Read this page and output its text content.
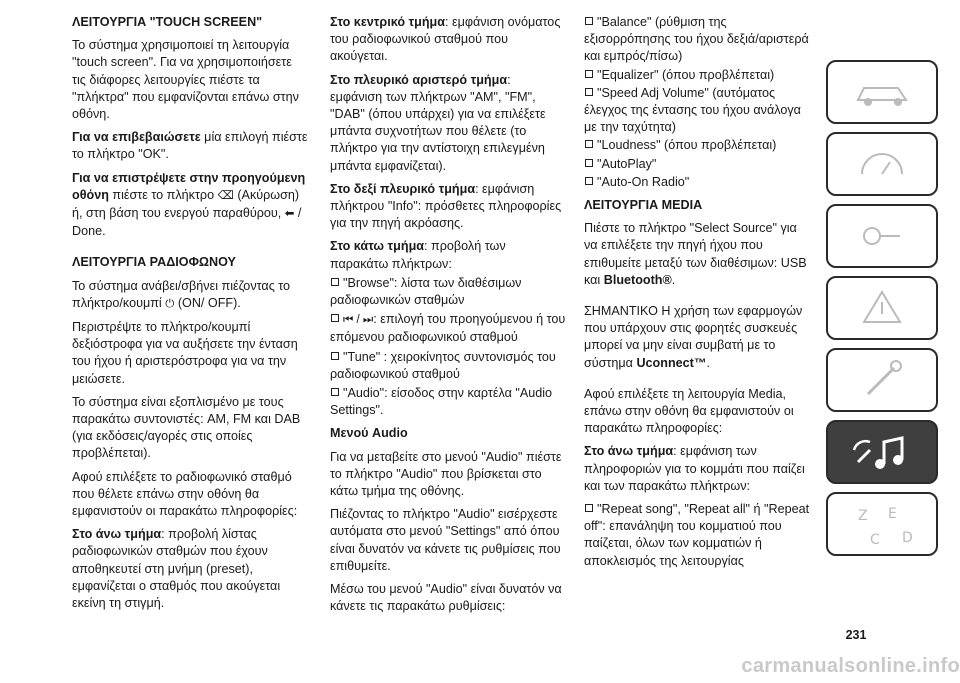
ΛΕΙΤΟΥΡΓΙΑ "TOUCH SCREEN"

Το σύστημα χρησιμοποιεί τη λειτουργία "touch screen". Για να χρησιμοποιήσετε τις διάφορες λειτουργίες πιέστε τα "πλήκτρα" που εμφανίζονται επάνω στην οθόνη.

Για να επιβεβαιώσετε μία επιλογή πιέστε το πλήκτρο "OK".

Για να επιστρέψετε στην προηγούμενη οθόνη πιέστε το πλήκτρο ⌫ (Ακύρωση) ή, στη βάση του ενεργού παραθύρου, ⬅ / Done.

ΛΕΙΤΟΥΡΓΙΑ ΡΑΔΙΟΦΩΝΟΥ

Το σύστημα ανάβει/σβήνει πιέζοντας το πλήκτρο/κουμπί ⏻ (ON/ OFF).

Περιστρέψτε το πλήκτρο/κουμπί δεξιόστροφα για να αυξήσετε την ένταση του ήχου ή αριστερόστροφα για να την μειώσετε.

Το σύστημα είναι εξοπλισμένο με τους παρακάτω συντονιστές: AM, FM και DAB (για εκδόσεις/αγορές στις οποίες προβλέπεται).

Αφού επιλέξετε το ραδιοφωνικό σταθμό που θέλετε επάνω στην οθόνη θα εμφανιστούν οι παρακάτω πληροφορίες:

Στο άνω τμήμα: προβολή λίστας ραδιοφωνικών σταθμών που έχουν αποθηκευτεί στη μνήμη (preset), εμφανίζεται ο σταθμός που ακούγεται εκείνη τη στιγμή.

Στο κεντρικό τμήμα: εμφάνιση ονόματος του ραδιοφωνικού σταθμού που ακούγεται.

Στο πλευρικό αριστερό τμήμα: εμφάνιση των πλήκτρων "AM", "FM", "DAB" (όπου υπάρχει) για να επιλέξετε μπάντα συχνοτήτων που θέλετε (το πλήκτρο για την αντίστοιχη επιλεγμένη μπάντα εμφανίζεται).

Στο δεξί πλευρικό τμήμα: εμφάνιση πλήκτρου "Info": πρόσθετες πληροφορίες για την πηγή ακρόασης.

Στο κάτω τμήμα: προβολή των παρακάτω πλήκτρων:

"Browse": λίστα των διαθέσιμων ραδιοφωνικών σταθμών

⏮ / ⏭: επιλογή του προηγούμενου ή του επόμενου ραδιοφωνικού σταθμού

"Tune" : χειροκίνητος συντονισμός του ραδιοφωνικού σταθμού

"Audio": είσοδος στην καρτέλα "Audio Settings".

Μενού Audio

Για να μεταβείτε στο μενού "Audio" πιέστε το πλήκτρο "Audio" που βρίσκεται στο κάτω τμήμα της οθόνης.

Πιέζοντας το πλήκτρο "Audio" εισέρχεστε αυτόματα στο μενού "Settings" από όπου είναι δυνατόν να κάνετε τις ρυθμίσεις που επιθυμείτε.

Μέσω του μενού "Audio" είναι δυνατόν να κάνετε τις παρακάτω ρυθμίσεις:

"Balance" (ρύθμιση της εξισορρόπησης του ήχου δεξιά/αριστερά και εμπρός/πίσω)

"Equalizer" (όπου προβλέπεται)

"Speed Adj Volume" (αυτόματος έλεγχος της έντασης του ήχου ανάλογα με την ταχύτητα)

"Loudness" (όπου προβλέπεται)

"AutoPlay"

"Auto-On Radio"

ΛΕΙΤΟΥΡΓΙΑ MEDIA

Πιέστε το πλήκτρο "Select Source" για να επιλέξετε την πηγή ήχου που επιθυμείτε μεταξύ των διαθέσιμων: USB και Bluetooth®.

ΣΗΜΑΝΤΙΚΟ Η χρήση των εφαρμογών που υπάρχουν στις φορητές συσκευές μπορεί να μην είναι συμβατή με το σύστημα Uconnect™.

Αφού επιλέξετε τη λειτουργία Media, επάνω στην οθόνη θα εμφανιστούν οι παρακάτω πληροφορίες:

Στο άνω τμήμα: εμφάνιση των πληροφοριών για το κομμάτι που παίζει και των παρακάτω πλήκτρων:

"Repeat song", "Repeat all" ή "Repeat off": επανάληψη του κομματιού που παίζεται, όλων των κομματιών ή αποκλεισμός της λειτουργίας

Z E
C D
231
carmanualsonline.info
